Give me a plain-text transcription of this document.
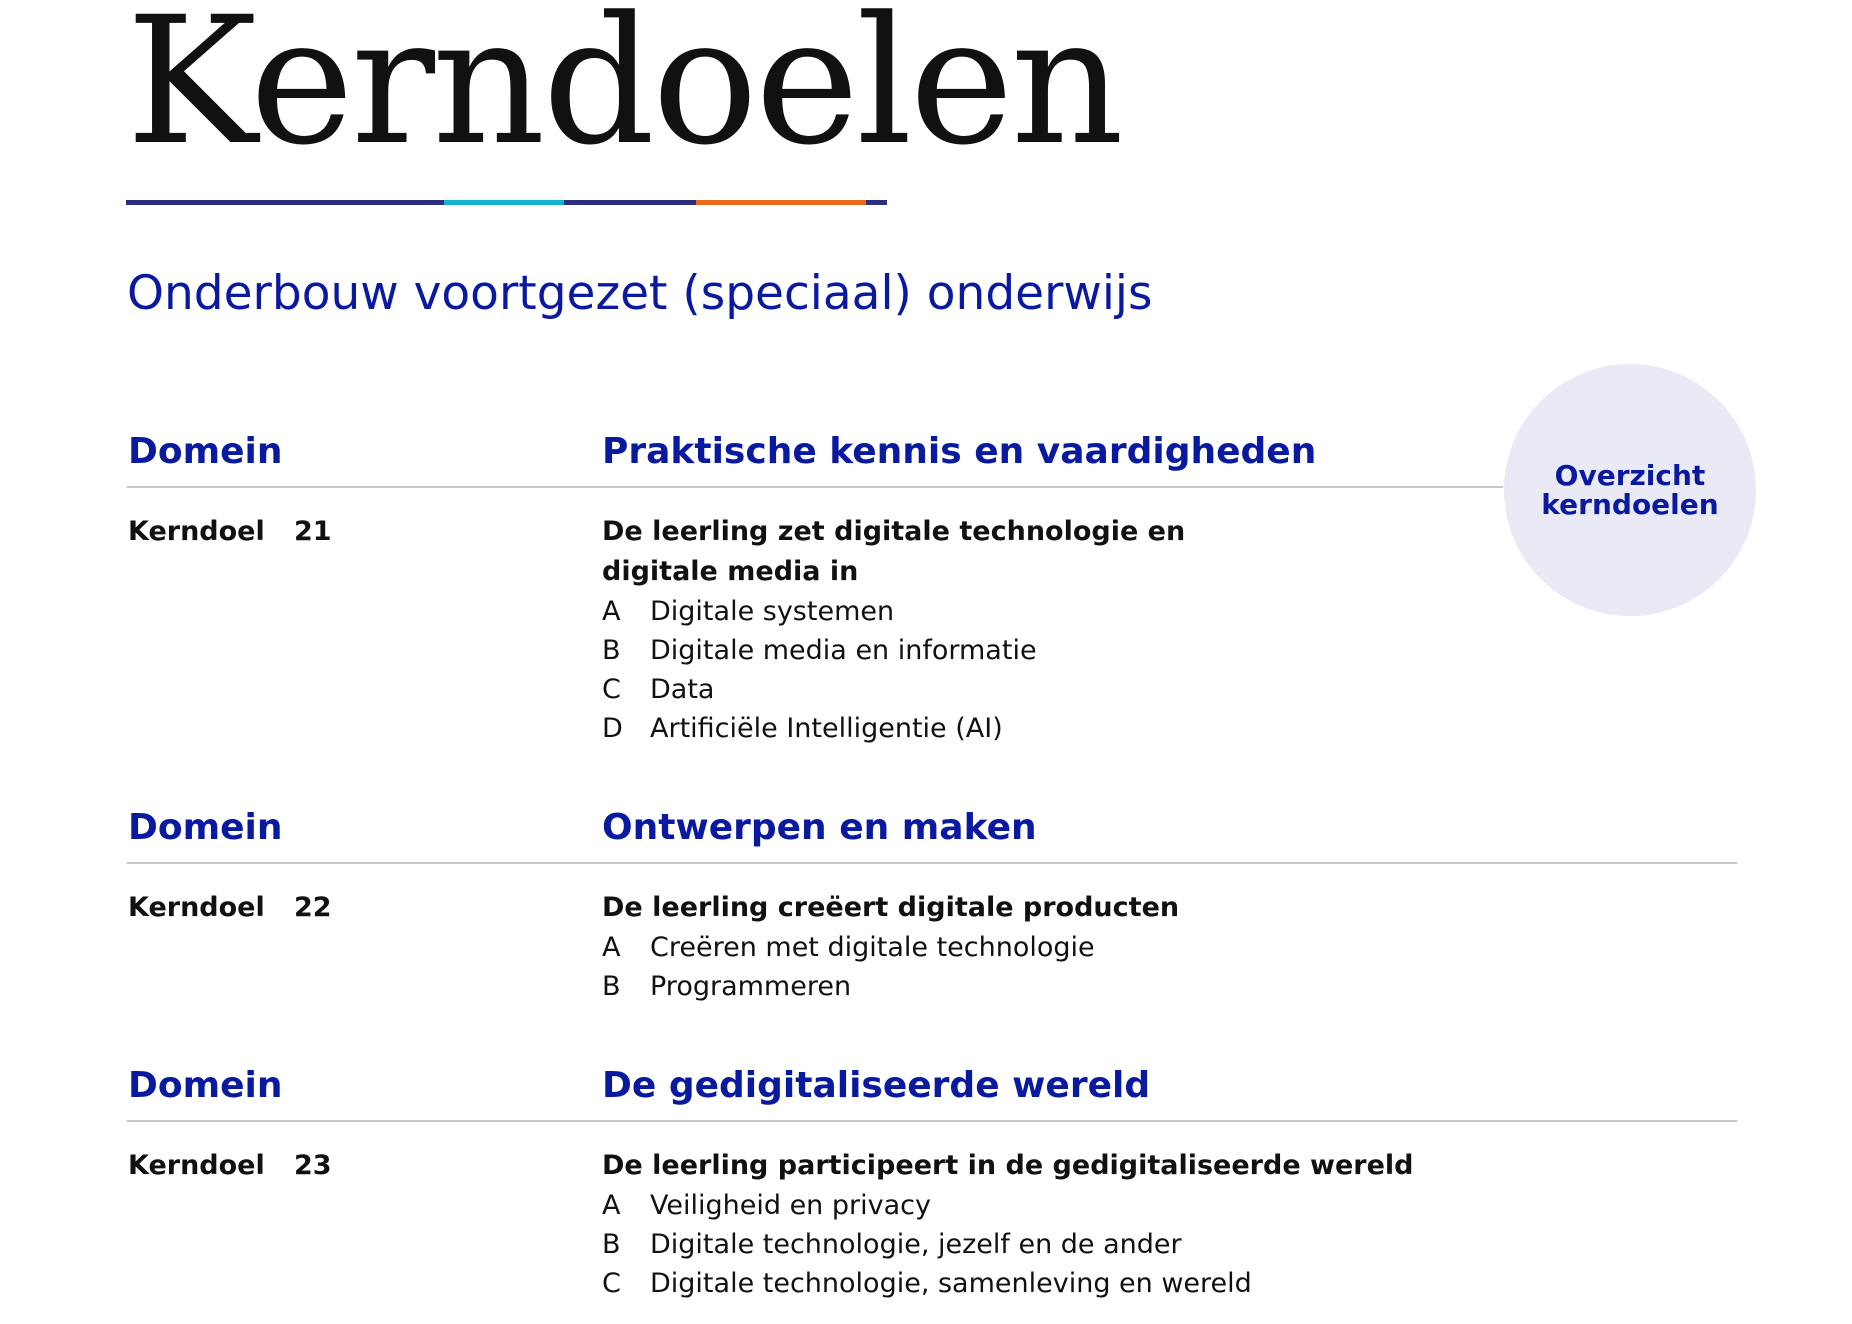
Kerndoelen
Onderbouw voortgezet (speciaal) onderwijs
Overzicht kerndoelen
Domein	Praktische kennis en vaardigheden
Kerndoel 21	De leerling zet digitale technologie en digitale media in

A	Digitale systemen
B	Digitale media en informatie
C	Data
D	Artificiële Intelligentie (AI)
Domein	Ontwerpen en maken
Kerndoel 22	De leerling creëert digitale producten

A	Creëren met digitale technologie
B	Programmeren
Domein	De gedigitaliseerde wereld
Kerndoel 23	De leerling participeert in de gedigitaliseerde wereld

A	Veiligheid en privacy
B	Digitale technologie, jezelf en de ander
C	Digitale technologie, samenleving en wereld
